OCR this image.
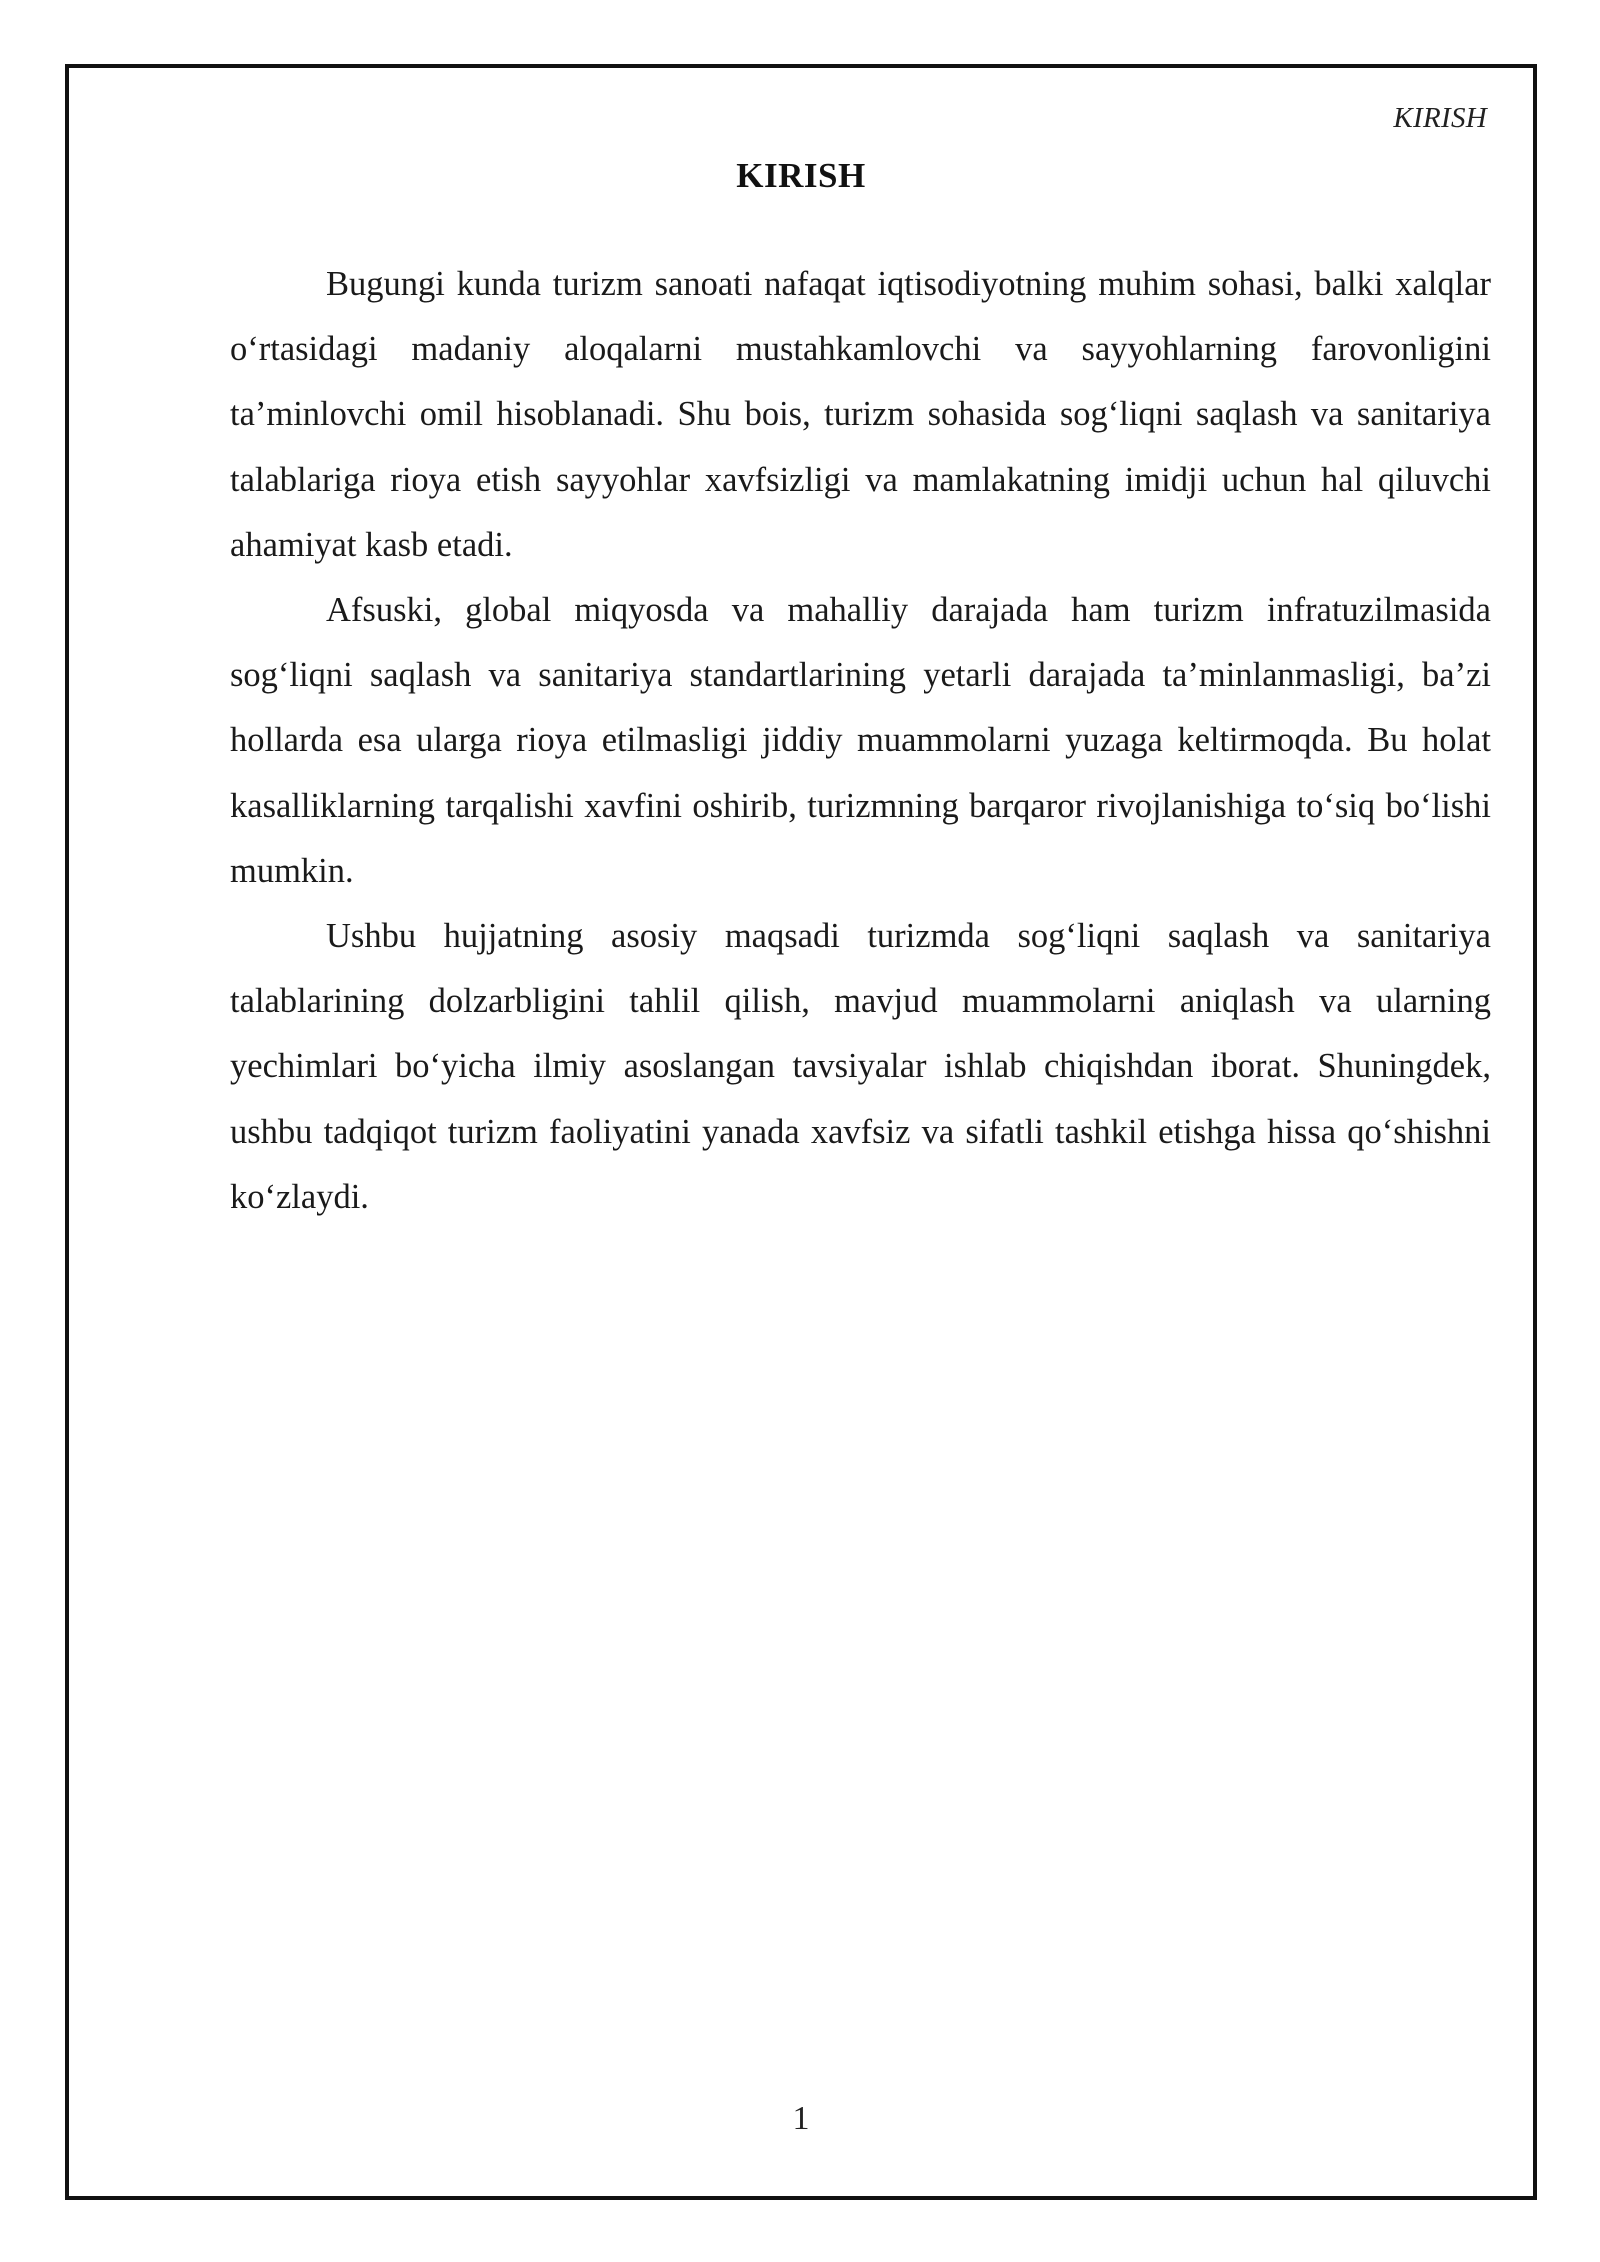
KIRISH
KIRISH

Bugungi kunda turizm sanoati nafaqat iqtisodiyotning muhim sohasi, balki xalqlar o‘rtasidagi madaniy aloqalarni mustahkamlovchi va sayyohlarning farovonligini ta’minlovchi omil hisoblanadi. Shu bois, turizm sohasida sog‘liqni saqlash va sanitariya talablariga rioya etish sayyohlar xavfsizligi va mamlakatning imidji uchun hal qiluvchi ahamiyat kasb etadi.

Afsuski, global miqyosda va mahalliy darajada ham turizm infratuzilmasida sog‘liqni saqlash va sanitariya standartlarining yetarli darajada ta’minlanmasligi, ba’zi hollarda esa ularga rioya etilmasligi jiddiy muammolarni yuzaga keltirmoqda. Bu holat kasalliklarning tarqalishi xavfini oshirib, turizmning barqaror rivojlanishiga to‘siq bo‘lishi mumkin.

Ushbu hujjatning asosiy maqsadi turizmda sog‘liqni saqlash va sanitariya talablarining dolzarbligini tahlil qilish, mavjud muammolarni aniqlash va ularning yechimlari bo‘yicha ilmiy asoslangan tavsiyalar ishlab chiqishdan iborat. Shuningdek, ushbu tadqiqot turizm faoliyatini yanada xavfsiz va sifatli tashkil etishga hissa qo‘shishni ko‘zlaydi.

1
